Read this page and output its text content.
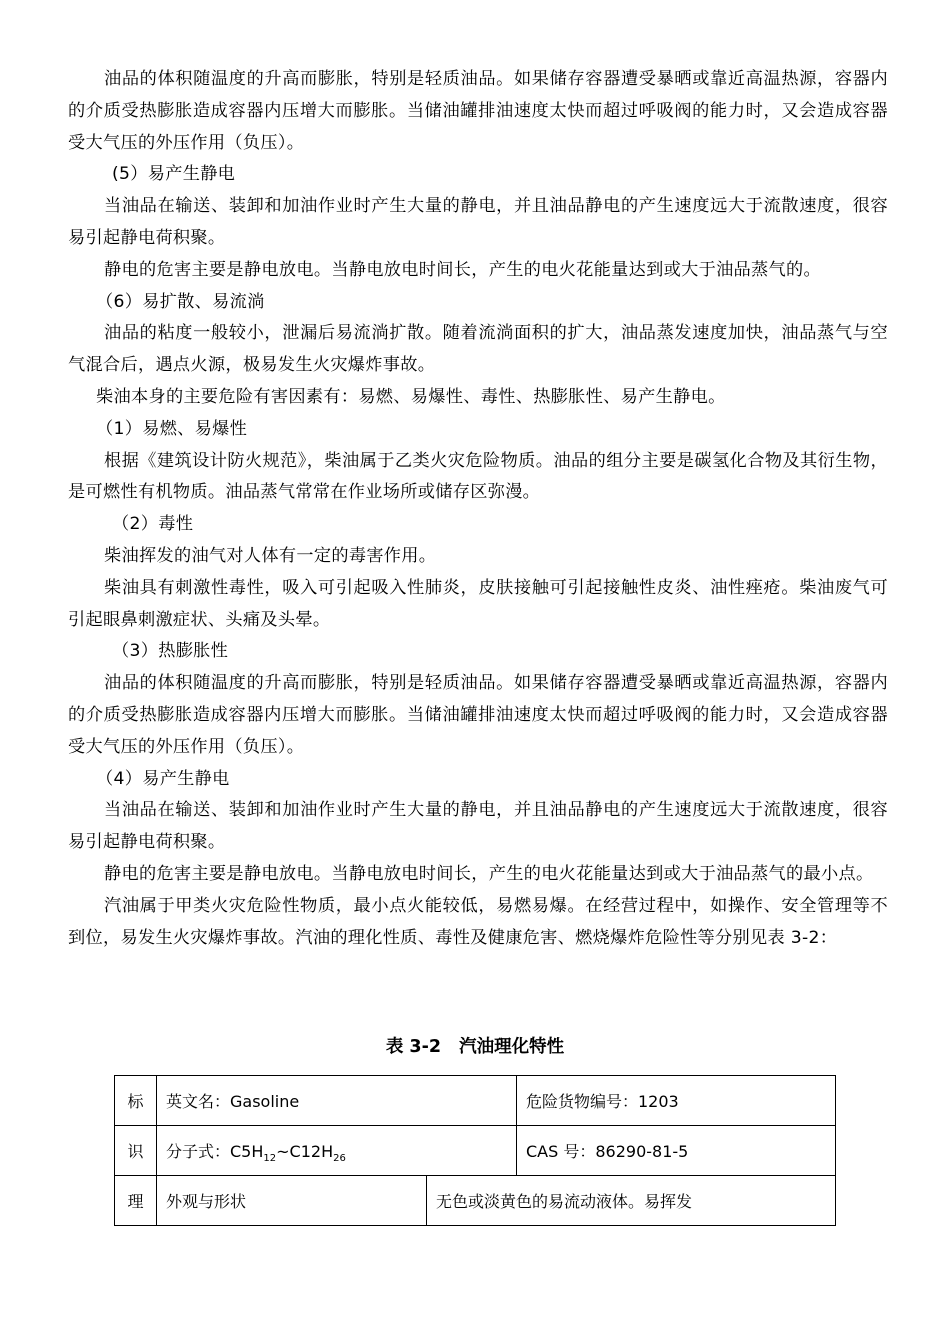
油品的体积随温度的升高而膨胀，特别是轻质油品。如果储存容器遭受暴晒或靠近高温热源，容器内的介质受热膨胀造成容器内压增大而膨胀。当储油罐排油速度太快而超过呼吸阀的能力时，又会造成容器受大气压的外压作用（负压）。

(5）易产生静电

当油品在输送、装卸和加油作业时产生大量的静电，并且油品静电的产生速度远大于流散速度，很容易引起静电荷积聚。

静电的危害主要是静电放电。当静电放电时间长，产生的电火花能量达到或大于油品蒸气的。

（6）易扩散、易流淌

油品的粘度一般较小，泄漏后易流淌扩散。随着流淌面积的扩大，油品蒸发速度加快，油品蒸气与空气混合后，遇点火源，极易发生火灾爆炸事故。

柴油本身的主要危险有害因素有：易燃、易爆性、毒性、热膨胀性、易产生静电。

（1）易燃、易爆性

根据《建筑设计防火规范》，柴油属于乙类火灾危险物质。油品的组分主要是碳氢化合物及其衍生物，是可燃性有机物质。油品蒸气常常在作业场所或储存区弥漫。

（2）毒性

柴油挥发的油气对人体有一定的毒害作用。

柴油具有刺激性毒性，吸入可引起吸入性肺炎，皮肤接触可引起接触性皮炎、油性痤疮。柴油废气可引起眼鼻刺激症状、头痛及头晕。

（3）热膨胀性

油品的体积随温度的升高而膨胀，特别是轻质油品。如果储存容器遭受暴晒或靠近高温热源，容器内的介质受热膨胀造成容器内压增大而膨胀。当储油罐排油速度太快而超过呼吸阀的能力时，又会造成容器受大气压的外压作用（负压）。

（4）易产生静电

当油品在输送、装卸和加油作业时产生大量的静电，并且油品静电的产生速度远大于流散速度，很容易引起静电荷积聚。

静电的危害主要是静电放电。当静电放电时间长，产生的电火花能量达到或大于油品蒸气的最小点。

汽油属于甲类火灾危险性物质，最小点火能较低，易燃易爆。在经营过程中，如操作、安全管理等不到位，易发生火灾爆炸事故。汽油的理化性质、毒性及健康危害、燃烧爆炸危险性等分别见表 3-2：

表 3-2 汽油理化特性
标	英文名：Gasoline		危险货物编号：1203
识	分子式：$C5H_{12}\sim C12H_{26}$		CAS 号：86290-81-5
理	外观与形状	无色或淡黄色的易流动液体。易挥发	
